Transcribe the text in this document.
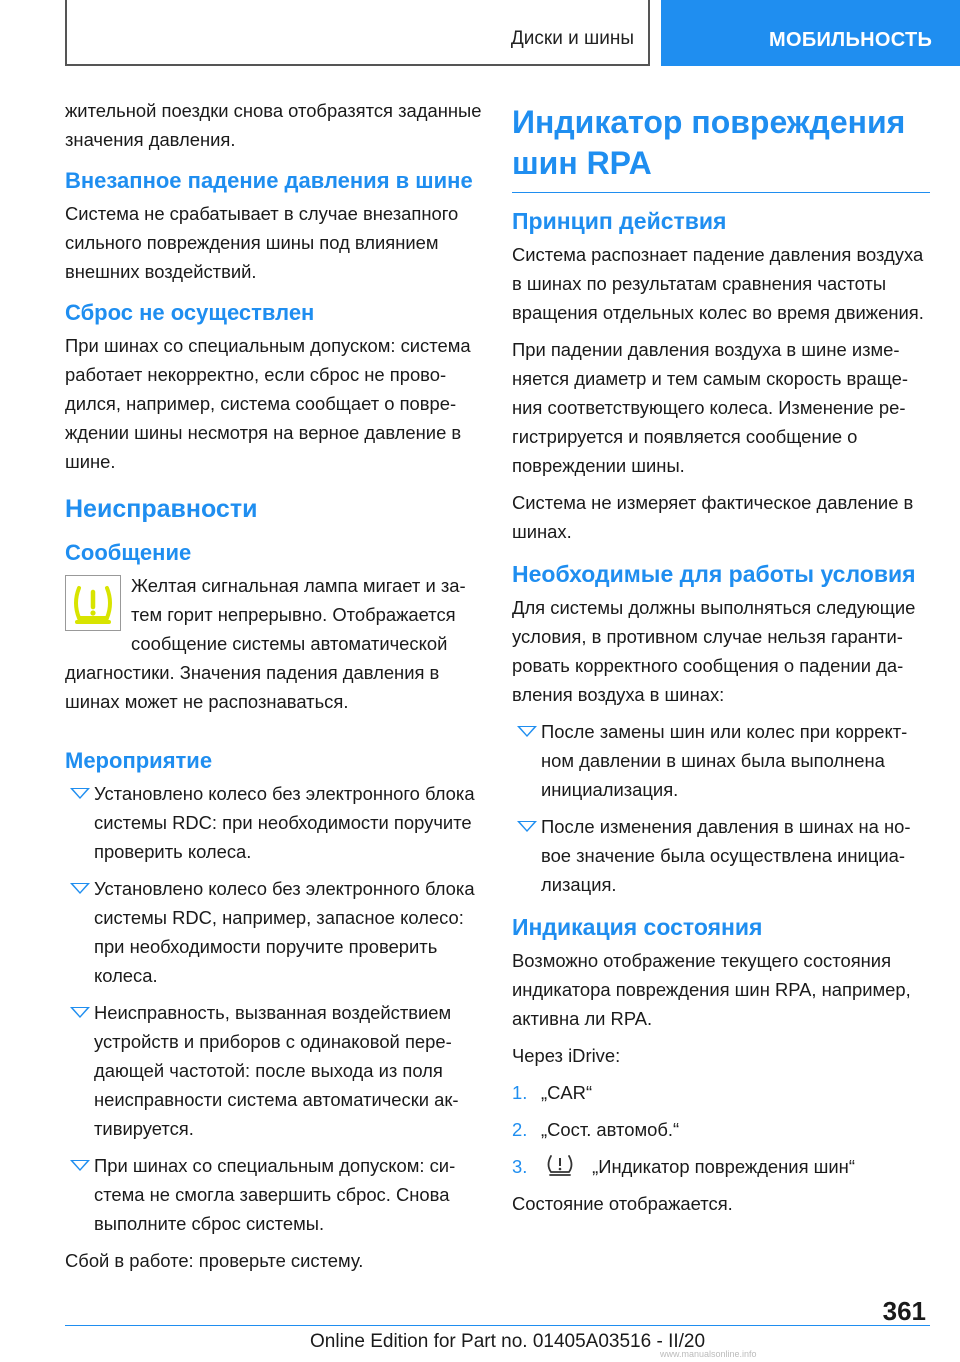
Диски и шины	МОБИЛЬНОСТЬ

жительной поездки снова отобразятся заданные значения давления.

Внезапное падение давления в шине

Система не срабатывает в случае внезапного сильного повреждения шины под влиянием внешних воздействий.

Сброс не осуществлен

При шинах со специальным допуском: система работает некорректно, если сброс не проводился, например, система сообщает о повреждении шины несмотря на верное давление в шине.

Неисправности
Сообщение

Желтая сигнальная лампа мигает и затем горит непрерывно. Отображается сообщение системы автоматической диагностики. Значения падения давления в шинах может не распознаваться.

Мероприятие
Установлено колесо без электронного блока системы RDC: при необходимости поручите проверить колеса.
Установлено колесо без электронного блока системы RDC, например, запасное колесо: при необходимости поручите проверить колеса.
Неисправность, вызванная воздействием устройств и приборов с одинаковой передающей частотой: после выхода из поля неисправности система автоматически активируется.
При шинах со специальным допуском: система не смогла завершить сброс. Снова выполните сброс системы.

Сбой в работе: проверьте систему.

Индикатор повреждения шин RPA
Принцип действия

Система распознает падение давления воздуха в шинах по результатам сравнения частоты вращения отдельных колес во время движения.

При падении давления воздуха в шине изменяется диаметр и тем самым скорость вращения соответствующего колеса. Изменение регистрируется и появляется сообщение о повреждении шины.

Система не измеряет фактическое давление в шинах.

Необходимые для работы условия

Для системы должны выполняться следующие условия, в противном случае нельзя гарантировать корректного сообщения о падении давления воздуха в шинах:

После замены шин или колес при корректном давлении в шинах была выполнена инициализация.
После изменения давления в шинах на новое значение была осуществлена инициализация.
Индикация состояния

Возможно отображение текущего состояния индикатора повреждения шин RPA, например, активна ли RPA.

Через iDrive:

1. „CAR“
2. „Сост. автомоб.“
3.	„Индикатор повреждения шин“

Состояние отображается.

361
Online Edition for Part no. 01405A03516 - II/20
www.manualsonline.info
